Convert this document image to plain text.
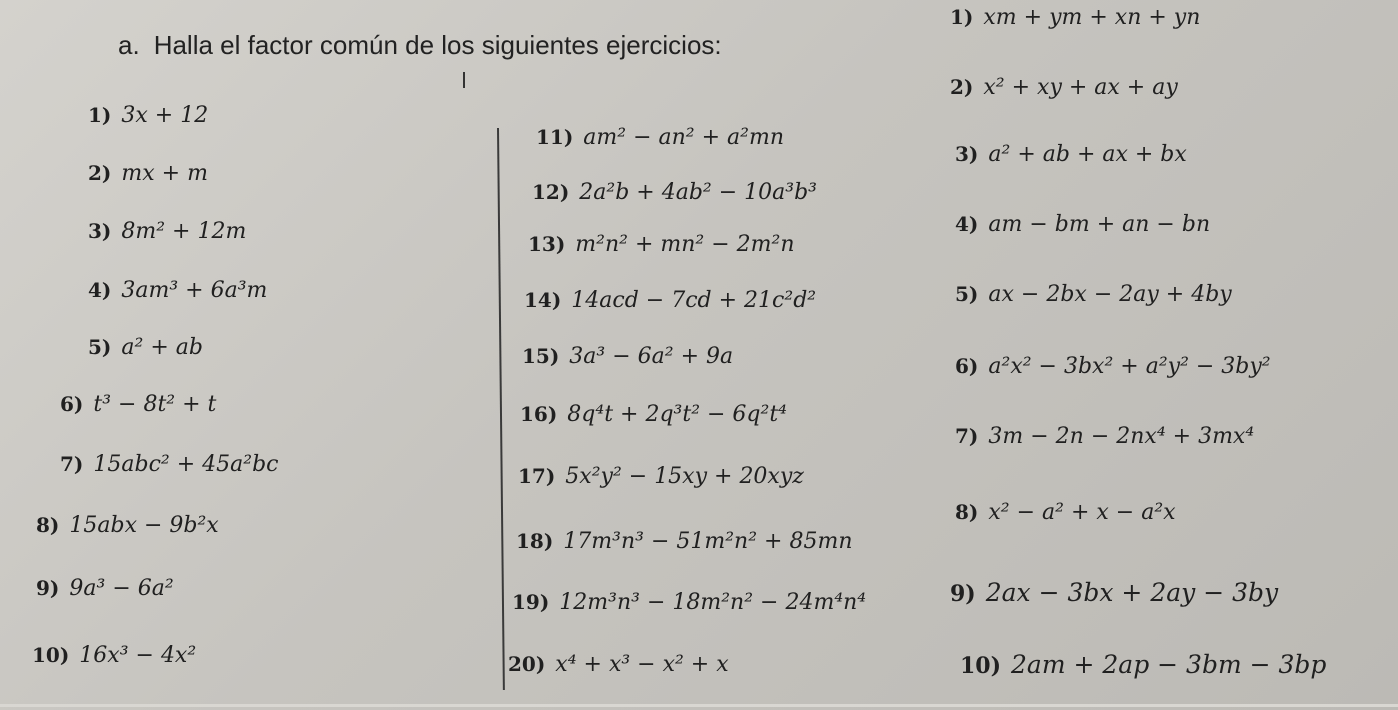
a. Halla el factor común de los siguientes ejercicios:
1) 3x + 12
2) mx + m
3) 8m² + 12m
4) 3am³ + 6a³m
5) a² + ab
6) t³ − 8t² + t
7) 15abc² + 45a²bc
8) 15abx − 9b²x
9) 9a³ − 6a²
10) 16x³ − 4x²
11) am² − an² + a²mn
12) 2a²b + 4ab² − 10a³b³
13) m²n² + mn² − 2m²n
14) 14acd − 7cd + 21c²d²
15) 3a³ − 6a² + 9a
16) 8q⁴t + 2q³t² − 6q²t⁴
17) 5x²y² − 15xy + 20xyz
18) 17m³n³ − 51m²n² + 85mn
19) 12m³n³ − 18m²n² − 24m⁴n⁴
20) x⁴ + x³ − x² + x
1) xm + ym + xn + yn
2) x² + xy + ax + ay
3) a² + ab + ax + bx
4) am − bm + an − bn
5) ax − 2bx − 2ay + 4by
6) a²x² − 3bx² + a²y² − 3by²
7) 3m − 2n − 2nx⁴ + 3mx⁴
8) x² − a² + x − a²x
9) 2ax − 3bx + 2ay − 3by
10) 2am + 2ap − 3bm − 3bp
